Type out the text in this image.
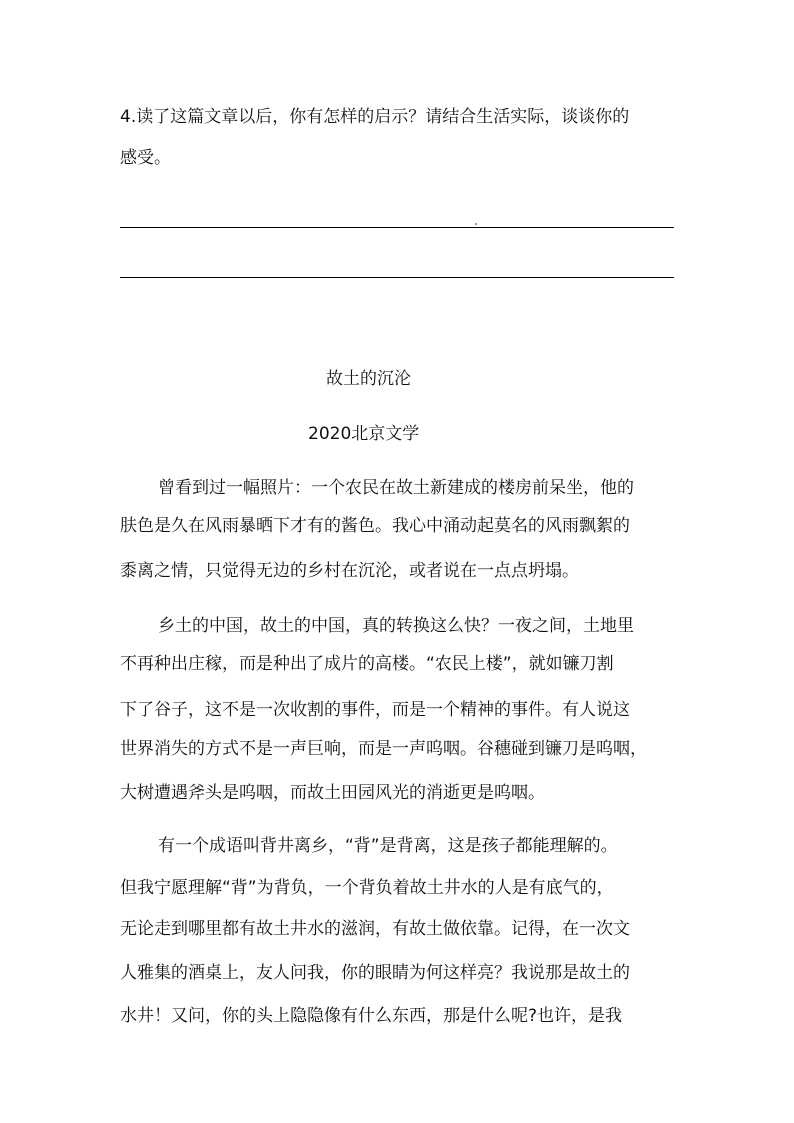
4.读了这篇文章以后，你有怎样的启示？请结合生活实际，谈谈你的
感受。
故土的沉沦
2020北京文学
曾看到过一幅照片：一个农民在故土新建成的楼房前呆坐，他的
肤色是久在风雨暴晒下才有的酱色。我心中涌动起莫名的风雨飘絮的
黍离之情，只觉得无边的乡村在沉沦，或者说在一点点坍塌。
乡土的中国，故土的中国，真的转换这么快？一夜之间，土地里
不再种出庄稼，而是种出了成片的高楼。“农民上楼”，就如镰刀割
下了谷子，这不是一次收割的事件，而是一个精神的事件。有人说这
世界消失的方式不是一声巨响，而是一声呜咽。谷穗碰到镰刀是呜咽，
大树遭遇斧头是呜咽，而故土田园风光的消逝更是呜咽。
有一个成语叫背井离乡，“背”是背离，这是孩子都能理解的。
但我宁愿理解“背”为背负，一个背负着故土井水的人是有底气的，
无论走到哪里都有故土井水的滋润，有故土做依靠。记得，在一次文
人雅集的酒桌上，友人问我，你的眼睛为何这样亮？我说那是故土的
水井！又问，你的头上隐隐像有什么东西，那是什么呢?也许，是我
